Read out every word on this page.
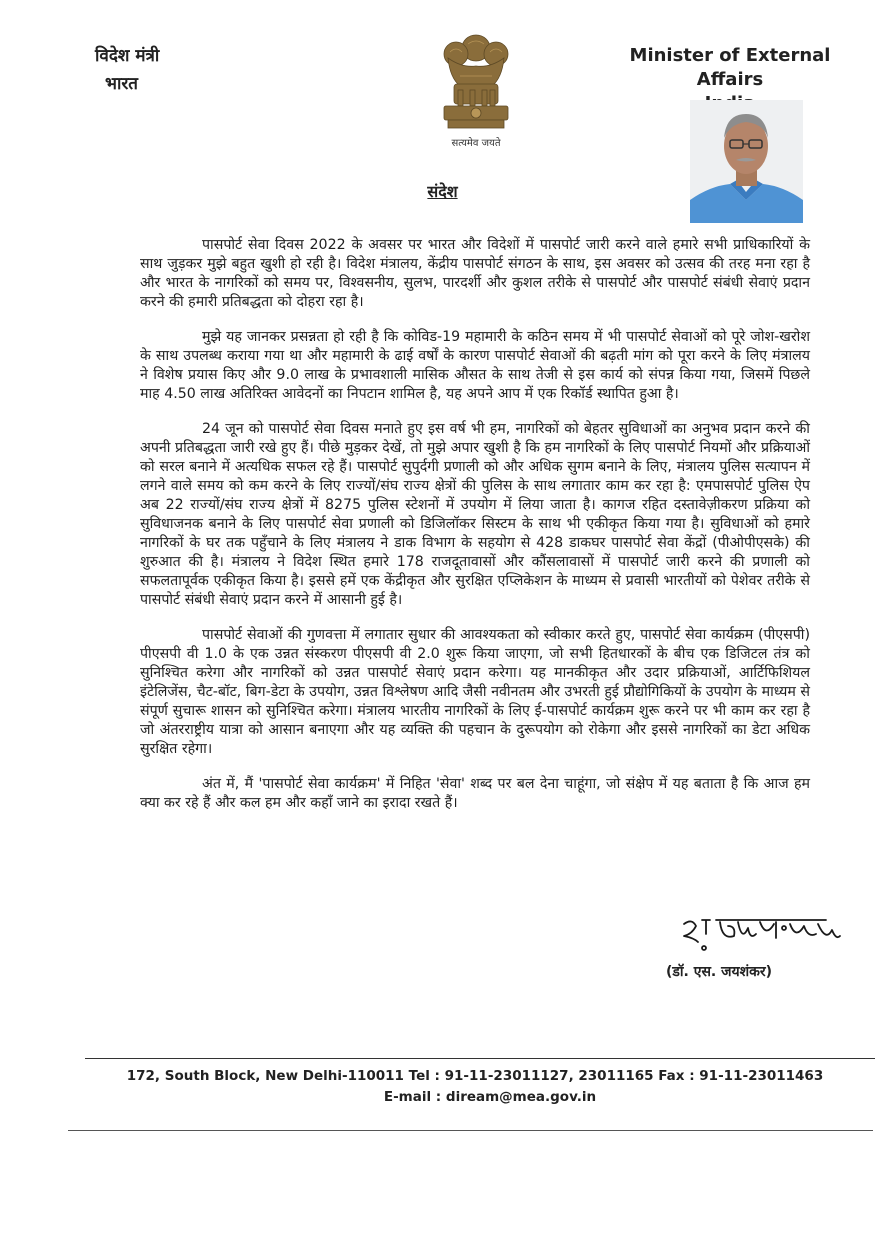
विदेश मंत्री
भारत
सत्यमेव जयते
Minister of External Affairs
संदेश

पासपोर्ट सेवा दिवस 2022 के अवसर पर भारत और विदेशों में पासपोर्ट जारी करने वाले हमारे सभी प्राधिकारियों के साथ जुड़कर मुझे बहुत खुशी हो रही है। विदेश मंत्रालय, केंद्रीय पासपोर्ट संगठन के साथ, इस अवसर को उत्सव की तरह मना रहा है और भारत के नागरिकों को समय पर, विश्वसनीय, सुलभ, पारदर्शी और कुशल तरीके से पासपोर्ट और पासपोर्ट संबंधी सेवाएं प्रदान करने की हमारी प्रतिबद्धता को दोहरा रहा है।

मुझे यह जानकर प्रसन्नता हो रही है कि कोविड-19 महामारी के कठिन समय में भी पासपोर्ट सेवाओं को पूरे जोश-खरोश के साथ उपलब्ध कराया गया था और महामारी के ढाई वर्षों के कारण पासपोर्ट सेवाओं की बढ़ती मांग को पूरा करने के लिए मंत्रालय ने विशेष प्रयास किए और 9.0 लाख के प्रभावशाली मासिक औसत के साथ तेजी से इस कार्य को संपन्न किया गया, जिसमें पिछले माह 4.50 लाख अतिरिक्त आवेदनों का निपटान शामिल है, यह अपने आप में एक रिकॉर्ड स्थापित हुआ है।

24 जून को पासपोर्ट सेवा दिवस मनाते हुए इस वर्ष भी हम, नागरिकों को बेहतर सुविधाओं का अनुभव प्रदान करने की अपनी प्रतिबद्धता जारी रखे हुए हैं। पीछे मुड़कर देखें, तो मुझे अपार खुशी है कि हम नागरिकों के लिए पासपोर्ट नियमों और प्रक्रियाओं को सरल बनाने में अत्यधिक सफल रहे हैं। पासपोर्ट सुपुर्दगी प्रणाली को और अधिक सुगम बनाने के लिए, मंत्रालय पुलिस सत्यापन में लगने वाले समय को कम करने के लिए राज्यों/संघ राज्य क्षेत्रों की पुलिस के साथ लगातार काम कर रहा है: एमपासपोर्ट पुलिस ऐप अब 22 राज्यों/संघ राज्य क्षेत्रों में 8275 पुलिस स्टेशनों में उपयोग में लिया जाता है। कागज रहित दस्तावेज़ीकरण प्रक्रिया को सुविधाजनक बनाने के लिए पासपोर्ट सेवा प्रणाली को डिजिलॉकर सिस्टम के साथ भी एकीकृत किया गया है। सुविधाओं को हमारे नागरिकों के घर तक पहुँचाने के लिए मंत्रालय ने डाक विभाग के सहयोग से 428 डाकघर पासपोर्ट सेवा केंद्रों (पीओपीएसके) की शुरुआत की है। मंत्रालय ने विदेश स्थित हमारे 178 राजदूतावासों और कौंसलावासों में पासपोर्ट जारी करने की प्रणाली को सफलतापूर्वक एकीकृत किया है। इससे हमें एक केंद्रीकृत और सुरक्षित एप्लिकेशन के माध्यम से प्रवासी भारतीयों को पेशेवर तरीके से पासपोर्ट संबंधी सेवाएं प्रदान करने में आसानी हुई है।

पासपोर्ट सेवाओं की गुणवत्ता में लगातार सुधार की आवश्यकता को स्वीकार करते हुए, पासपोर्ट सेवा कार्यक्रम (पीएसपी) पीएसपी वी 1.0 के एक उन्नत संस्करण पीएसपी वी 2.0 शुरू किया जाएगा, जो सभी हितधारकों के बीच एक डिजिटल तंत्र को सुनिश्चित करेगा और नागरिकों को उन्नत पासपोर्ट सेवाएं प्रदान करेगा। यह मानकीकृत और उदार प्रक्रियाओं, आर्टिफिशियल इंटेलिजेंस, चैट-बॉट, बिग-डेटा के उपयोग, उन्नत विश्लेषण आदि जैसी नवीनतम और उभरती हुई प्रौद्योगिकियों के उपयोग के माध्यम से संपूर्ण सुचारू शासन को सुनिश्चित करेगा। मंत्रालय भारतीय नागरिकों के लिए ई-पासपोर्ट कार्यक्रम शुरू करने पर भी काम कर रहा है जो अंतरराष्ट्रीय यात्रा को आसान बनाएगा और यह व्यक्ति की पहचान के दुरूपयोग को रोकेगा और इससे नागरिकों का डेटा अधिक सुरक्षित रहेगा।

अंत में, मैं 'पासपोर्ट सेवा कार्यक्रम' में निहित 'सेवा' शब्द पर बल देना चाहूंगा, जो संक्षेप में यह बताता है कि आज हम क्या कर रहे हैं और कल हम और कहाँ जाने का इरादा रखते हैं।

(डॉ. एस. जयशंकर)
172, South Block, New Delhi-110011 Tel : 91-11-23011127, 23011165 Fax : 91-11-23011463
E-mail : diream@mea.gov.in
